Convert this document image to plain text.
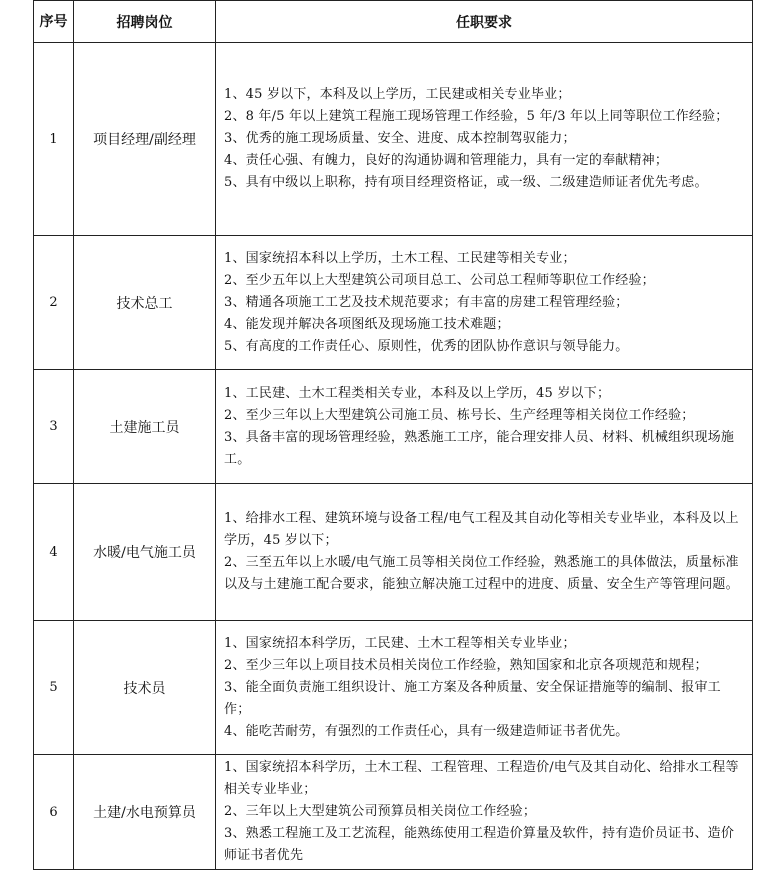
序号	招聘岗位	任职要求
1	项目经理/副经理	1、45 岁以下，本科及以上学历，工民建或相关专业毕业；
2、8 年/5 年以上建筑工程施工现场管理工作经验，5 年/3 年以上同等职位工作经验；
3、优秀的施工现场质量、安全、进度、成本控制驾驭能力；
4、责任心强、有魄力，良好的沟通协调和管理能力，具有一定的奉献精神；
5、具有中级以上职称，持有项目经理资格证，或一级、二级建造师证者优先考虑。

2	技术总工	1、国家统招本科以上学历，土木工程、工民建等相关专业；
2、至少五年以上大型建筑公司项目总工、公司总工程师等职位工作经验；
3、精通各项施工工艺及技术规范要求；有丰富的房建工程管理经验；
4、能发现并解决各项图纸及现场施工技术难题；
5、有高度的工作责任心、原则性，优秀的团队协作意识与领导能力。

3	土建施工员	1、工民建、土木工程类相关专业，本科及以上学历，45 岁以下；
2、至少三年以上大型建筑公司施工员、栋号长、生产经理等相关岗位工作经验；
3、具备丰富的现场管理经验，熟悉施工工序，能合理安排人员、材料、机械组织现场施工。

4	水暖/电气施工员	1、给排水工程、建筑环境与设备工程/电气工程及其自动化等相关专业毕业，本科及以上学历，45 岁以下；
2、三至五年以上水暖/电气施工员等相关岗位工作经验，熟悉施工的具体做法，质量标准以及与土建施工配合要求，能独立解决施工过程中的进度、质量、安全生产等管理问题。

5	技术员	1、国家统招本科学历，工民建、土木工程等相关专业毕业；
2、至少三年以上项目技术员相关岗位工作经验，熟知国家和北京各项规范和规程；
3、能全面负责施工组织设计、施工方案及各种质量、安全保证措施等的编制、报审工作；
4、能吃苦耐劳，有强烈的工作责任心，具有一级建造师证书者优先。

6	土建/水电预算员	1、国家统招本科学历，土木工程、工程管理、工程造价/电气及其自动化、给排水工程等相关专业毕业；
2、三年以上大型建筑公司预算员相关岗位工作经验；
3、熟悉工程施工及工艺流程，能熟练使用工程造价算量及软件，持有造价员证书、造价师证书者优先
